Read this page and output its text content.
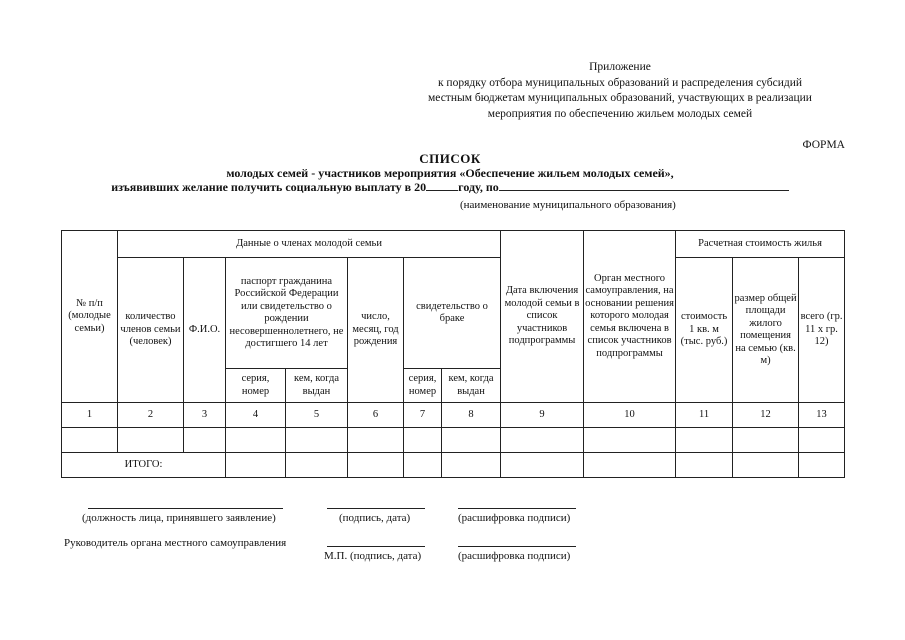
Приложение
к порядку отбора муниципальных образований и распределения субсидий
местным бюджетам муниципальных образований, участвующих в реализации
мероприятия по обеспечению жильем молодых семей
ФОРМА
СПИСОК
молодых семей - участников мероприятия «Обеспечение жильем молодых семей»,
изъявивших желание получить социальную выплату в 20	году, по
(наименование муниципального образования)
№ п/п (молодые семьи)	Данные о членах молодой семьи							Дата включения молодой семьи в список участников подпрограммы	Орган местного самоуправления, на основании решения которого молодая семья включена в список участников подпрограммы	Расчетная стоимость жилья		
	количество членов семьи (человек)	Ф.И.О.	паспорт гражданина Российской Федерации или свидетельство о рождении несовершеннолетнего, не достигшего 14 лет		число, месяц, год рождения	свидетельство о браке				стоимость 1 кв. м (тыс. руб.)	размер общей площади жилого помещения на семью (кв. м)	всего (гр. 11 х гр. 12)
			серия, номер	кем, когда выдан		серия, номер	кем, когда выдан					
1	2	3	4	5	6	7	8	9	10	11	12	13

ИТОГО:												
(должность лица, принявшего заявление)	(подпись, дата)	(расшифровка подписи)
Руководитель органа местного самоуправления
М.П. (подпись, дата)	(расшифровка подписи)
